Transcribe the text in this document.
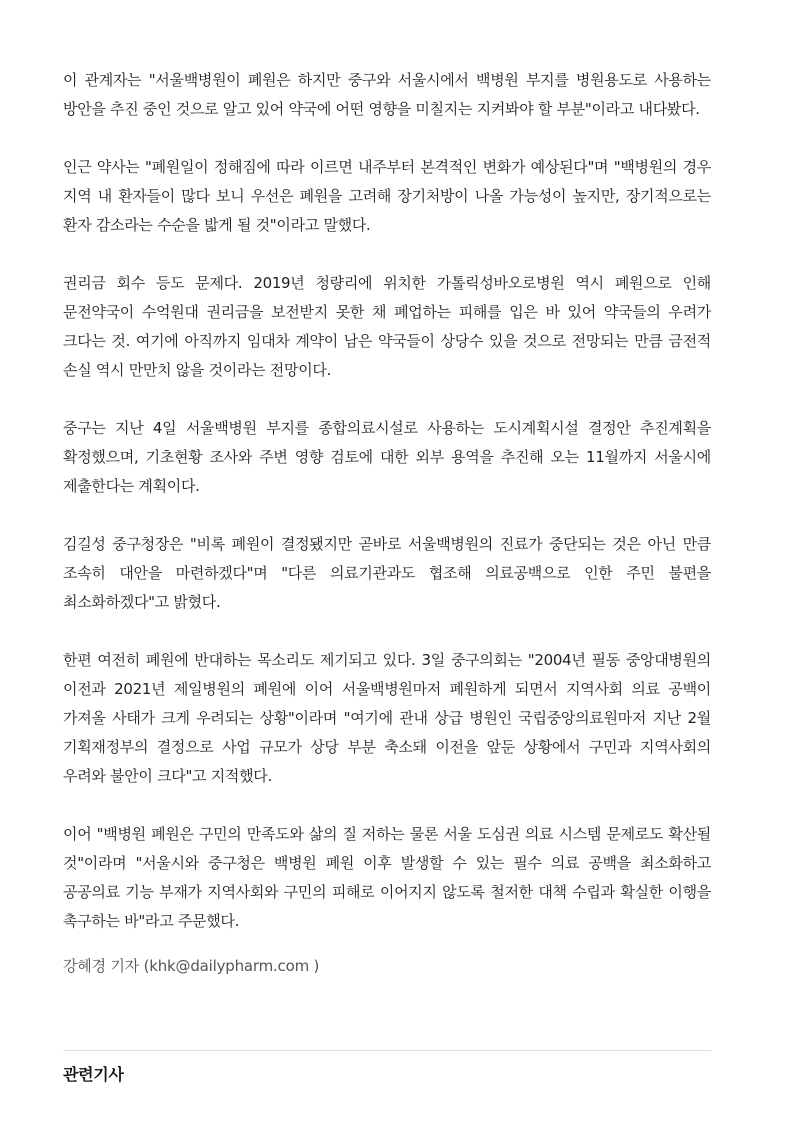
이 관계자는 "서울백병원이 폐원은 하지만 중구와 서울시에서 백병원 부지를 병원용도로 사용하는 방안을 추진 중인 것으로 알고 있어 약국에 어떤 영향을 미칠지는 지켜봐야 할 부분"이라고 내다봤다.

인근 약사는 "폐원일이 정해짐에 따라 이르면 내주부터 본격적인 변화가 예상된다"며 "백병원의 경우 지역 내 환자들이 많다 보니 우선은 폐원을 고려해 장기처방이 나올 가능성이 높지만, 장기적으로는 환자 감소라는 수순을 밟게 될 것"이라고 말했다.

권리금 회수 등도 문제다. 2019년 청량리에 위치한 가톨릭성바오로병원 역시 폐원으로 인해 문전약국이 수억원대 권리금을 보전받지 못한 채 폐업하는 피해를 입은 바 있어 약국들의 우려가 크다는 것. 여기에 아직까지 임대차 계약이 남은 약국들이 상당수 있을 것으로 전망되는 만큼 금전적 손실 역시 만만치 않을 것이라는 전망이다.

중구는 지난 4일 서울백병원 부지를 종합의료시설로 사용하는 도시계획시설 결정안 추진계획을 확정했으며, 기초현황 조사와 주변 영향 검토에 대한 외부 용역을 추진해 오는 11월까지 서울시에 제출한다는 계획이다.

김길성 중구청장은 "비록 폐원이 결정됐지만 곧바로 서울백병원의 진료가 중단되는 것은 아닌 만큼 조속히 대안을 마련하겠다"며 "다른 의료기관과도 협조해 의료공백으로 인한 주민 불편을 최소화하겠다"고 밝혔다.

한편 여전히 폐원에 반대하는 목소리도 제기되고 있다. 3일 중구의회는 "2004년 필동 중앙대병원의 이전과 2021년 제일병원의 폐원에 이어 서울백병원마저 폐원하게 되면서 지역사회 의료 공백이 가져올 사태가 크게 우려되는 상황"이라며 "여기에 관내 상급 병원인 국립중앙의료원마저 지난 2월 기획재정부의 결정으로 사업 규모가 상당 부분 축소돼 이전을 앞둔 상황에서 구민과 지역사회의 우려와 불안이 크다"고 지적했다.

이어 "백병원 폐원은 구민의 만족도와 삶의 질 저하는 물론 서울 도심권 의료 시스템 문제로도 확산될 것"이라며 "서울시와 중구청은 백병원 폐원 이후 발생할 수 있는 필수 의료 공백을 최소화하고 공공의료 기능 부재가 지역사회와 구민의 피해로 이어지지 않도록 철저한 대책 수립과 확실한 이행을 촉구하는 바"라고 주문했다.

강혜경 기자 (khk@dailypharm.com )
관련기사
